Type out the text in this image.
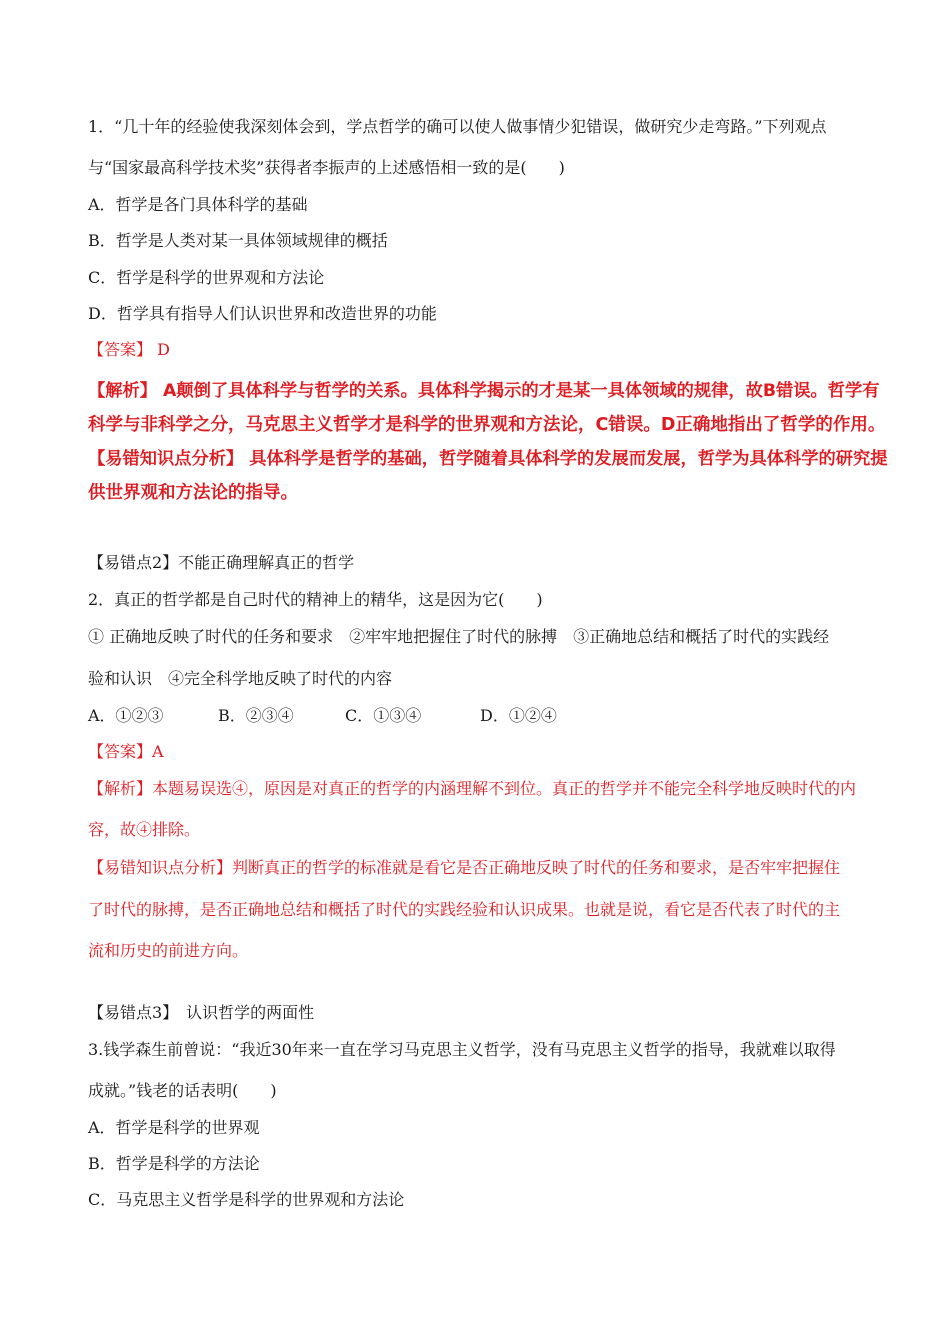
1．“几十年的经验使我深刻体会到，学点哲学的确可以使人做事情少犯错误，做研究少走弯路。”下列观点
与“国家最高科学技术奖”获得者李振声的上述感悟相一致的是(　　)
A．哲学是各门具体科学的基础
B．哲学是人类对某一具体领域规律的概括
C．哲学是科学的世界观和方法论
D．哲学具有指导人们认识世界和改造世界的功能
【答案】 D
【解析】 A颠倒了具体科学与哲学的关系。具体科学揭示的才是某一具体领域的规律，故B错误。哲学有
科学与非科学之分，马克思主义哲学才是科学的世界观和方法论，C错误。D正确地指出了哲学的作用。
【易错知识点分析】 具体科学是哲学的基础，哲学随着具体科学的发展而发展，哲学为具体科学的研究提
供世界观和方法论的指导。
【易错点2】不能正确理解真正的哲学
2．真正的哲学都是自己时代的精神上的精华，这是因为它(　　)
① 正确地反映了时代的任务和要求　②牢牢地把握住了时代的脉搏　③正确地总结和概括了时代的实践经
验和认识　④完全科学地反映了时代的内容
A．①②③	B．②③④	C．①③④	D．①②④
【答案】A
【解析】本题易误选④，原因是对真正的哲学的内涵理解不到位。真正的哲学并不能完全科学地反映时代的内
容，故④排除。
【易错知识点分析】判断真正的哲学的标准就是看它是否正确地反映了时代的任务和要求，是否牢牢把握住
了时代的脉搏，是否正确地总结和概括了时代的实践经验和认识成果。也就是说，看它是否代表了时代的主
流和历史的前进方向。
【易错点3】　认识哲学的两面性
3.钱学森生前曾说：“我近30年来一直在学习马克思主义哲学，没有马克思主义哲学的指导，我就难以取得
成就。”钱老的话表明(　　)
A．哲学是科学的世界观
B．哲学是科学的方法论
C．马克思主义哲学是科学的世界观和方法论
